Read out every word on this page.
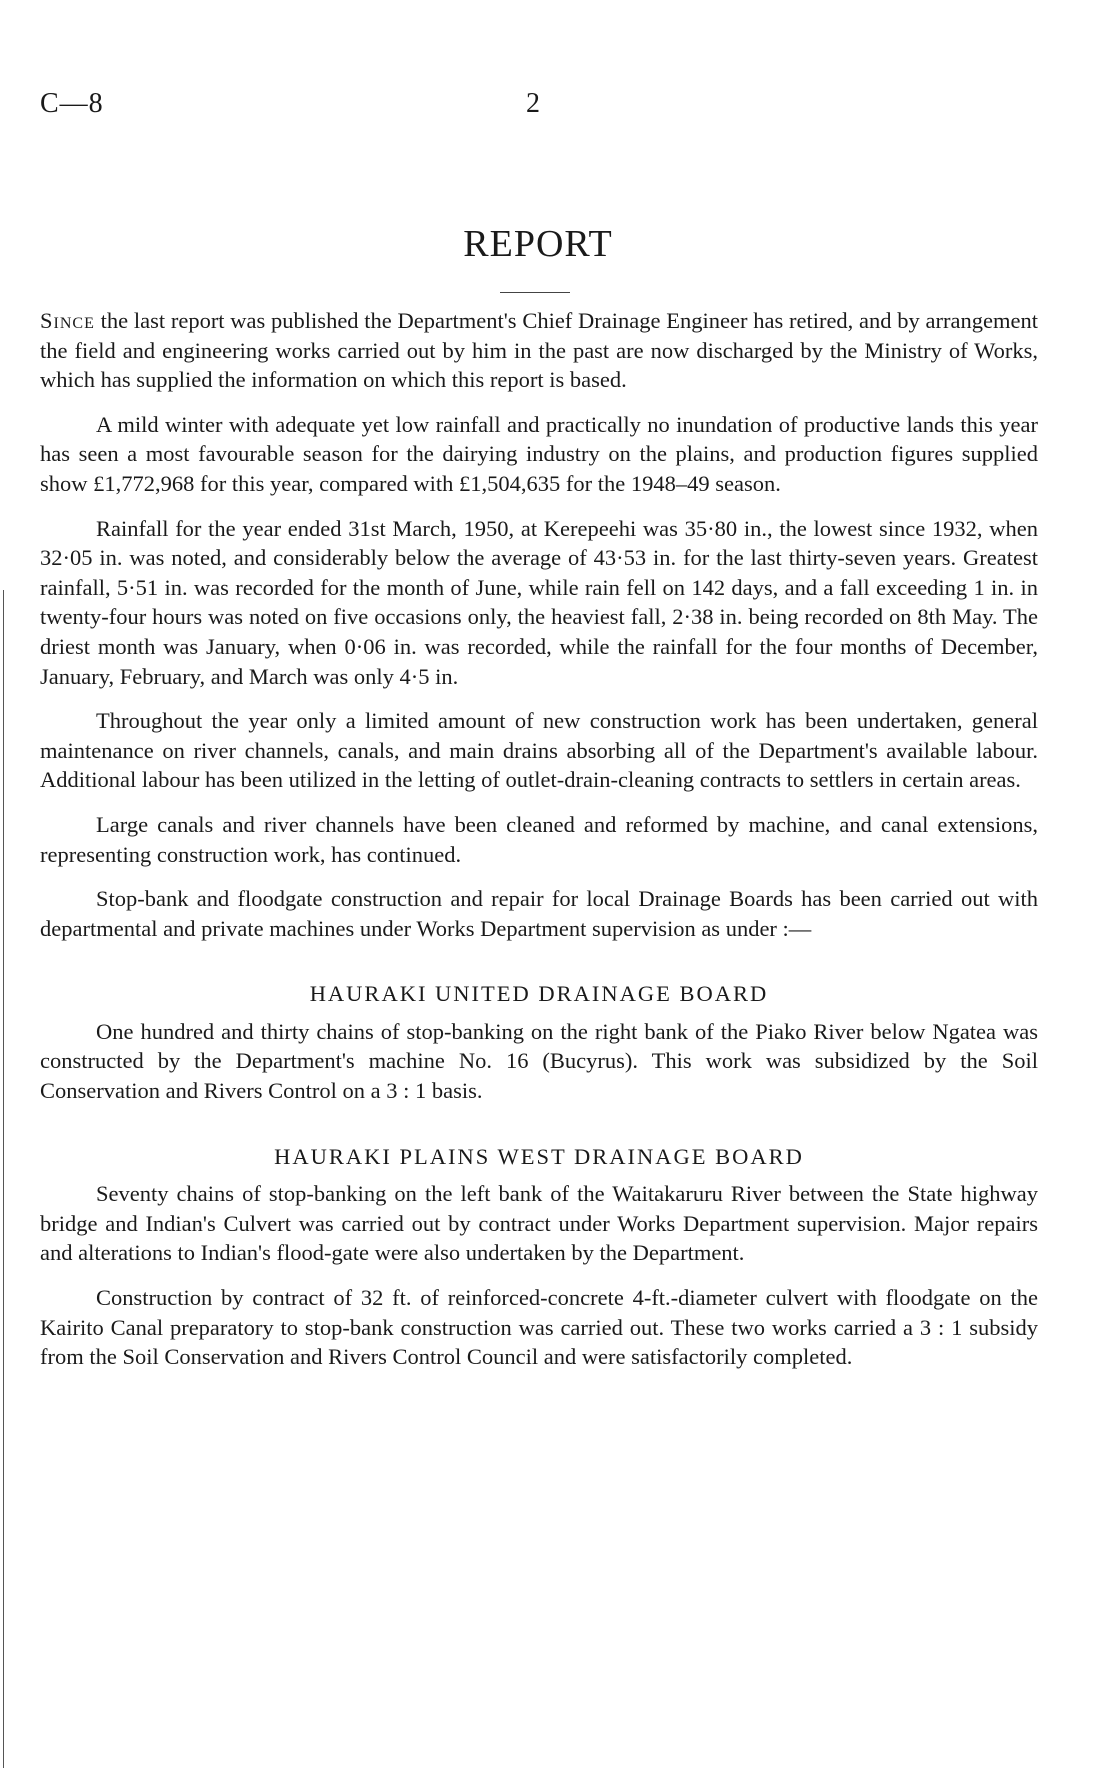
C—8	2
REPORT

Since the last report was published the Department's Chief Drainage Engineer has retired, and by arrangement the field and engineering works carried out by him in the past are now discharged by the Ministry of Works, which has supplied the information on which this report is based.

A mild winter with adequate yet low rainfall and practically no inundation of productive lands this year has seen a most favourable season for the dairying industry on the plains, and production figures supplied show £1,772,968 for this year, compared with £1,504,635 for the 1948–49 season.

Rainfall for the year ended 31st March, 1950, at Kerepeehi was 35·80 in., the lowest since 1932, when 32·05 in. was noted, and considerably below the average of 43·53 in. for the last thirty-seven years. Greatest rainfall, 5·51 in. was recorded for the month of June, while rain fell on 142 days, and a fall exceeding 1 in. in twenty-four hours was noted on five occasions only, the heaviest fall, 2·38 in. being recorded on 8th May. The driest month was January, when 0·06 in. was recorded, while the rainfall for the four months of December, January, February, and March was only 4·5 in.

Throughout the year only a limited amount of new construction work has been undertaken, general maintenance on river channels, canals, and main drains absorbing all of the Department's available labour. Additional labour has been utilized in the letting of outlet-drain-cleaning contracts to settlers in certain areas.

Large canals and river channels have been cleaned and reformed by machine, and canal extensions, representing construction work, has continued.

Stop-bank and floodgate construction and repair for local Drainage Boards has been carried out with departmental and private machines under Works Department supervision as under :—

HAURAKI UNITED DRAINAGE BOARD

One hundred and thirty chains of stop-banking on the right bank of the Piako River below Ngatea was constructed by the Department's machine No. 16 (Bucyrus). This work was subsidized by the Soil Conservation and Rivers Control on a 3 : 1 basis.

HAURAKI PLAINS WEST DRAINAGE BOARD

Seventy chains of stop-banking on the left bank of the Waitakaruru River between the State highway bridge and Indian's Culvert was carried out by contract under Works Department supervision. Major repairs and alterations to Indian's flood-gate were also undertaken by the Department.

Construction by contract of 32 ft. of reinforced-concrete 4-ft.-diameter culvert with floodgate on the Kairito Canal preparatory to stop-bank construction was carried out. These two works carried a 3 : 1 subsidy from the Soil Conservation and Rivers Control Council and were satisfactorily completed.
